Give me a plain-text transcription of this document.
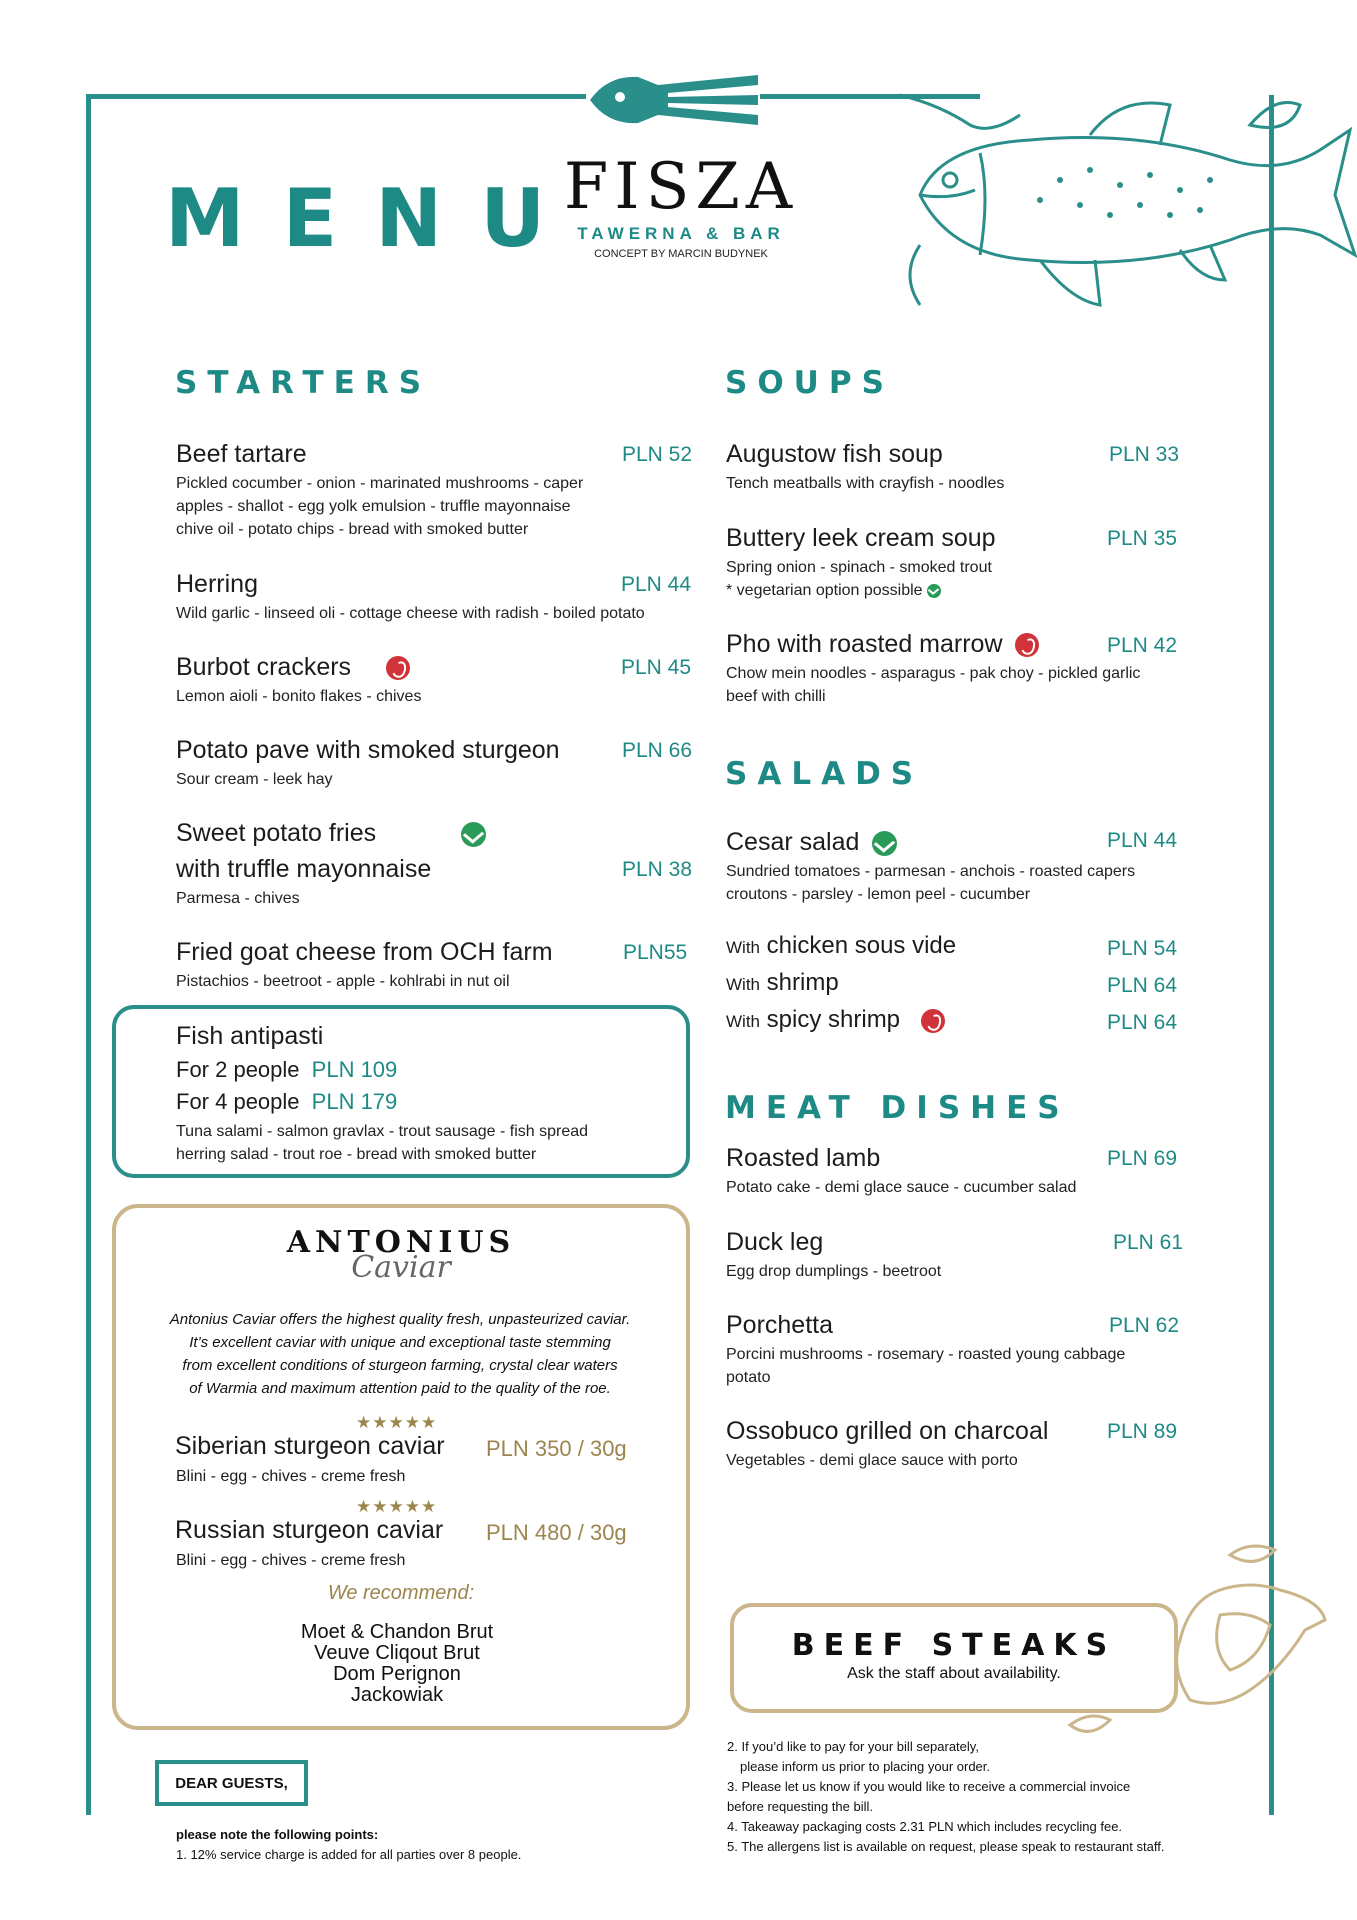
MENU
FISZA
TAWERNA & BAR
CONCEPT BY MARCIN BUDYNEK
STARTERS
Beef tartare
Pickled cocumber - onion - marinated mushrooms - caper
apples - shallot - egg yolk emulsion - truffle mayonnaise
chive oil - potato chips - bread with smoked butter
PLN 52
Herring
Wild garlic - linseed oli - cottage cheese with radish - boiled potato
PLN 44
Burbot crackers
Lemon aioli - bonito flakes - chives
PLN 45
Potato pave with smoked sturgeon
Sour cream - leek hay
PLN 66
Sweet potato fries
with truffle mayonnaise
Parmesa - chives
PLN 38
Fried goat cheese from OCH farm
Pistachios - beetroot - apple - kohlrabi in nut oil
PLN55
Fish antipasti
For 2 people PLN 109
For 4 people PLN 179
Tuna salami - salmon gravlax - trout sausage - fish spread
herring salad - trout roe - bread with smoked butter
ANTONIUS
Caviar
Antonius Caviar offers the highest quality fresh, unpasteurized caviar.
It’s excellent caviar with unique and exceptional taste stemming
from excellent conditions of sturgeon farming, crystal clear waters
of Warmia and maximum attention paid to the quality of the roe.
★★★★★
Siberian sturgeon caviar PLN 350 / 30g
Blini - egg - chives - creme fresh
★★★★★
Russian sturgeon caviar PLN 480 / 30g
Blini - egg - chives - creme fresh
We recommend:
Moet & Chandon Brut
Veuve Cliqout Brut
Dom Perignon
Jackowiak
SOUPS
Augustow fish soup
Tench meatballs with crayfish - noodles
PLN 33
Buttery leek cream soup
Spring onion - spinach - smoked trout
* vegetarian option possible
PLN 35
Pho with roasted marrow
Chow mein noodles - asparagus - pak choy - pickled garlic
beef with chilli
PLN 42
SALADS
Cesar salad
Sundried tomatoes - parmesan - anchois - roasted capers
croutons - parsley - lemon peel - cucumber
PLN 44
With chicken sous vide	PLN 54
With shrimp	PLN 64
With spicy shrimp	PLN 64
MEAT DISHES
Roasted lamb
Potato cake - demi glace sauce - cucumber salad
PLN 69
Duck leg
Egg drop dumplings - beetroot
PLN 61
Porchetta
Porcini mushrooms - rosemary - roasted young cabbage
potato
PLN 62
Ossobuco grilled on charcoal
Vegetables - demi glace sauce with porto
PLN 89
BEEF STEAKS
Ask the staff about availability.
DEAR GUESTS,
please note the following points:
1. 12% service charge is added for all parties over 8 people.
2. If you’d like to pay for your bill separately,
please inform us prior to placing your order.
3. Please let us know if you would like to receive a commercial invoice
before requesting the bill.
4. Takeaway packaging costs 2.31 PLN which includes recycling fee.
5. The allergens list is available on request, please speak to restaurant staff.
